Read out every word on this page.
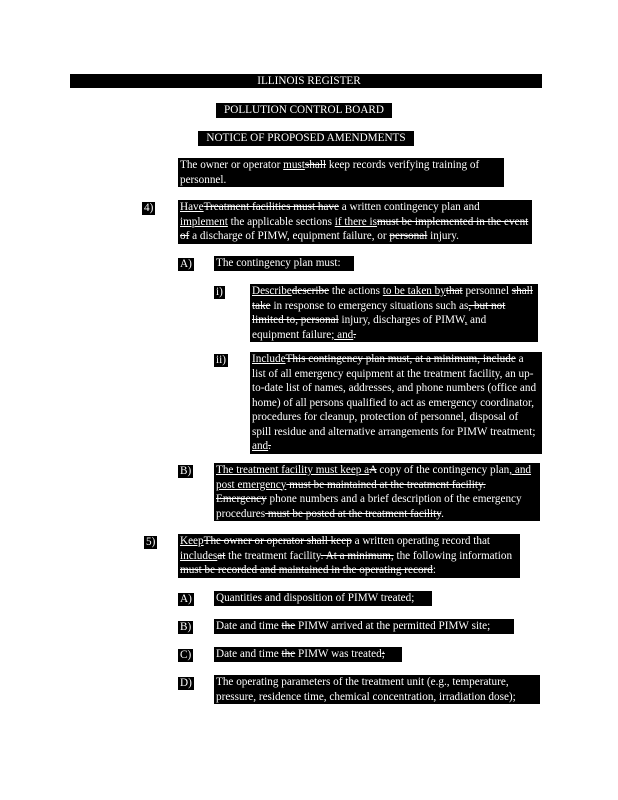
ILLINOIS REGISTER
POLLUTION CONTROL BOARD
NOTICE OF PROPOSED AMENDMENTS
The owner or operator mustshall keep records verifying training of personnel.
4) HaveTreatment facilities must have a written contingency plan and implement the applicable sections if there ismust be implemented in the event of a discharge of PIMW, equipment failure, or personal injury.
A) The contingency plan must:
i)	Describedescribe the actions to be taken bythat personnel shall take in response to emergency situations such as, but not limited to, personal injury, discharges of PIMW, and equipment failure; and.
ii) IncludeThis contingency plan must, at a minimum, include a list of all emergency equipment at the treatment facility, an up-to-date list of names, addresses, and phone numbers (office and home) of all persons qualified to act as emergency coordinator, procedures for cleanup, protection of personnel, disposal of spill residue and alternative arrangements for PIMW treatment; and.
B) The treatment facility must keep aA copy of the contingency plan, and post emergency must be maintained at the treatment facility. Emergency phone numbers and a brief description of the emergency procedures must be posted at the treatment facility.
5) KeepThe owner or operator shall keep a written operating record that includesat the treatment facility. At a minimum, the following information must be recorded and maintained in the operating record:
A) Quantities and disposition of PIMW treated;
B) Date and time the PIMW arrived at the permitted PIMW site;
C) Date and time the PIMW was treated;
D) The operating parameters of the treatment unit (e.g., temperature, pressure, residence time, chemical concentration, irradiation dose);
